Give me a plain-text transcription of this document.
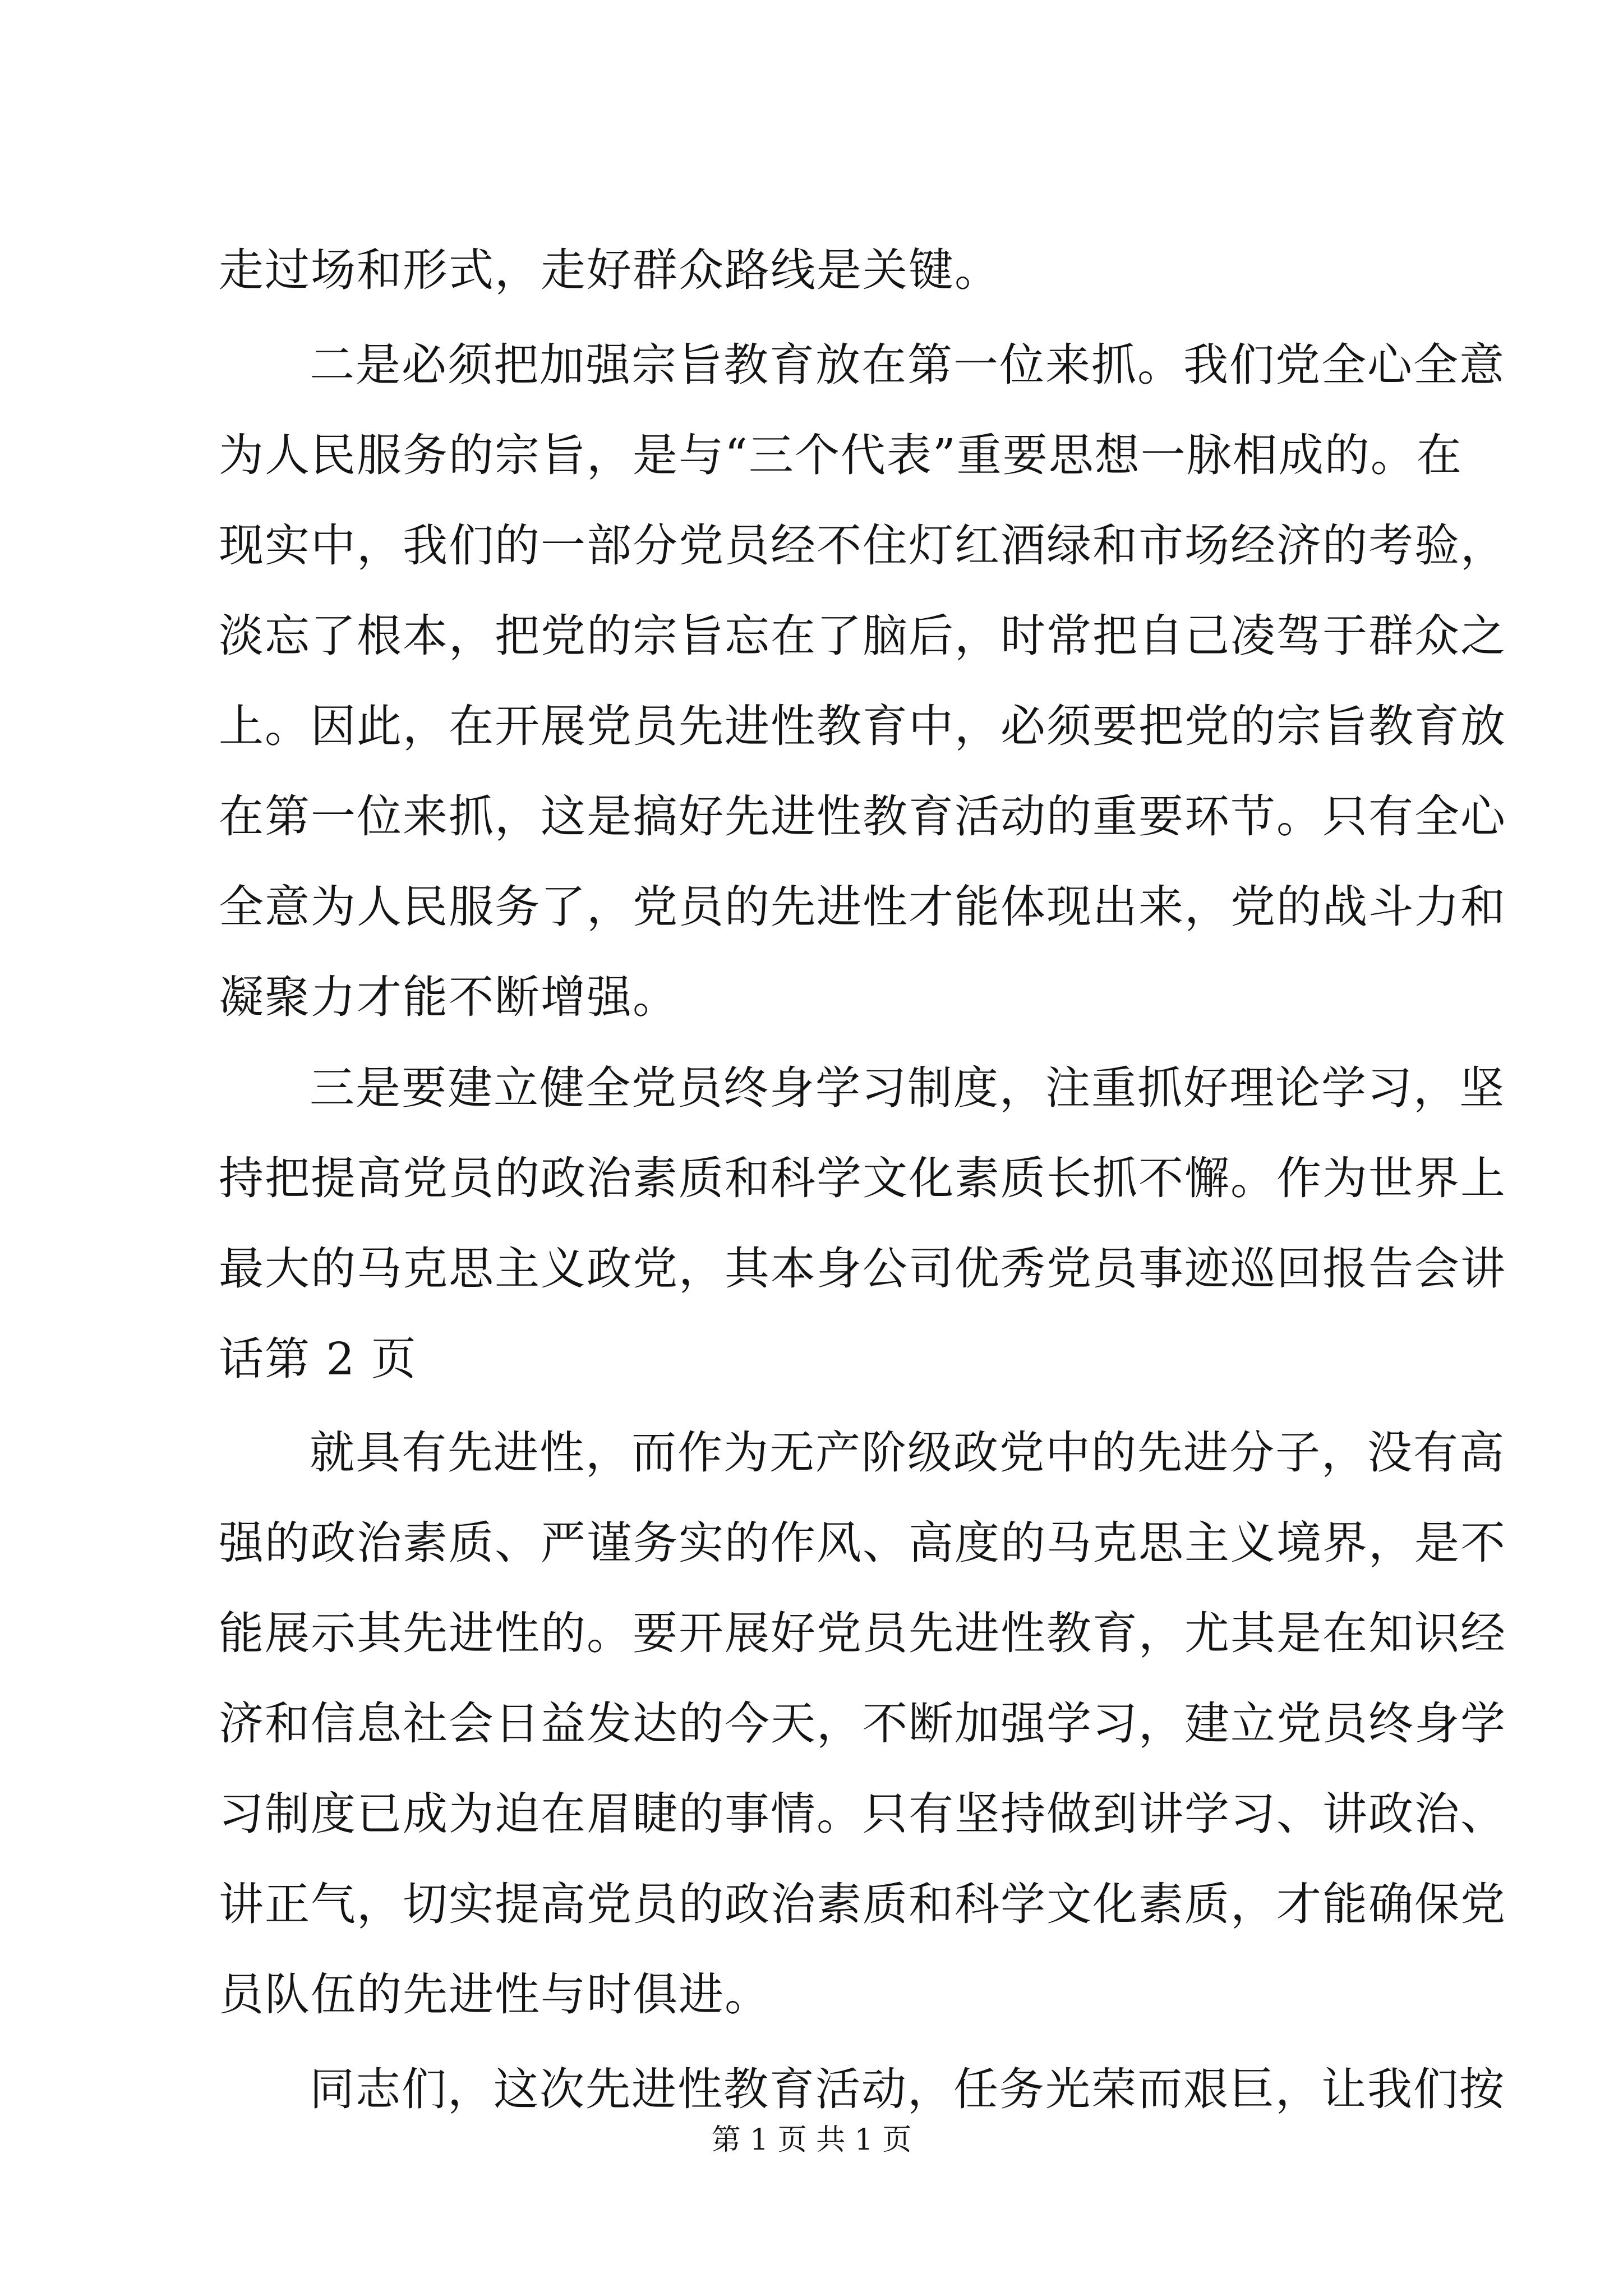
走过场和形式，走好群众路线是关键。
二是必须把加强宗旨教育放在第一位来抓。我们党全心全意
为人民服务的宗旨，是与“三个代表”重要思想一脉相成的。在
现实中，我们的一部分党员经不住灯红酒绿和市场经济的考验，
淡忘了根本，把党的宗旨忘在了脑后，时常把自己凌驾于群众之
上。因此，在开展党员先进性教育中，必须要把党的宗旨教育放
在第一位来抓，这是搞好先进性教育活动的重要环节。只有全心
全意为人民服务了，党员的先进性才能体现出来，党的战斗力和
凝聚力才能不断增强。
三是要建立健全党员终身学习制度，注重抓好理论学习，坚
持把提高党员的政治素质和科学文化素质长抓不懈。作为世界上
最大的马克思主义政党，其本身公司优秀党员事迹巡回报告会讲
话第 2 页
就具有先进性，而作为无产阶级政党中的先进分子，没有高
强的政治素质、严谨务实的作风、高度的马克思主义境界，是不
能展示其先进性的。要开展好党员先进性教育，尤其是在知识经
济和信息社会日益发达的今天，不断加强学习，建立党员终身学
习制度已成为迫在眉睫的事情。只有坚持做到讲学习、讲政治、
讲正气，切实提高党员的政治素质和科学文化素质，才能确保党
员队伍的先进性与时俱进。
同志们，这次先进性教育活动，任务光荣而艰巨，让我们按
第 1 页 共 1 页
